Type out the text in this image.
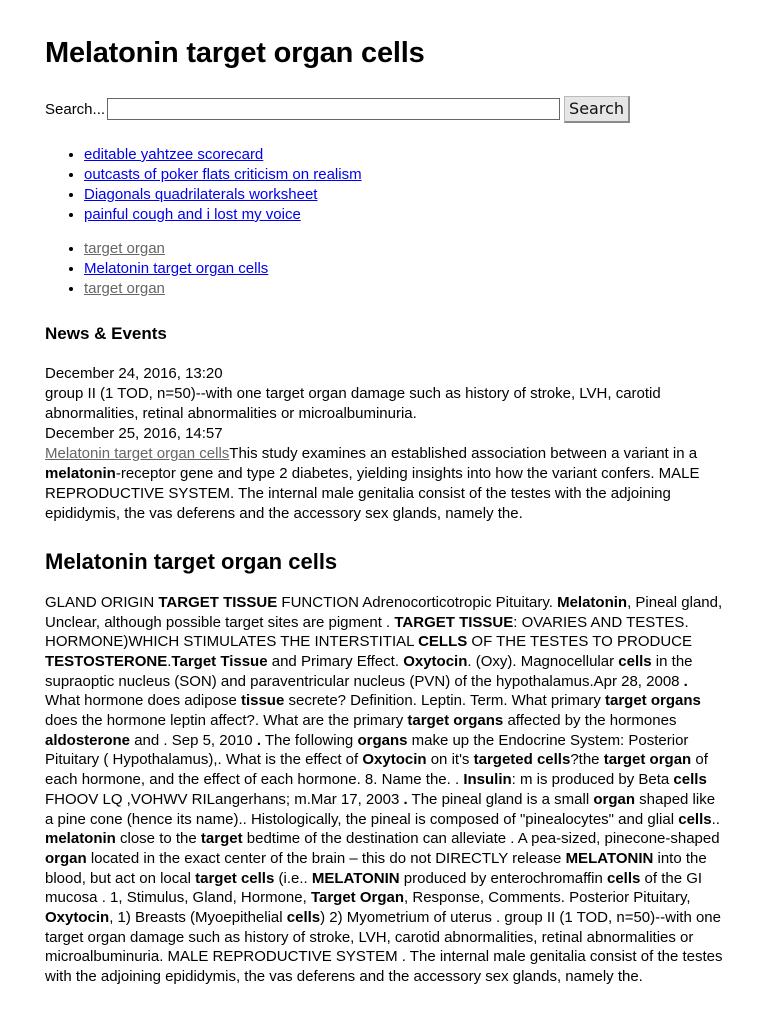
Melatonin target organ cells
Search...	Search
• editable yahtzee scorecard
• outcasts of poker flats criticism on realism
• Diagonals quadrilaterals worksheet
• painful cough and i lost my voice
• target organ
• Melatonin target organ cells
• target organ
News & Events

December 24, 2016, 13:20

group II (1 TOD, n=50)--with one target organ damage such as history of stroke, LVH, carotid abnormalities, retinal abnormalities or microalbuminuria.

December 25, 2016, 14:57

Melatonin target organ cellsThis study examines an established association between a variant in a melatonin-receptor gene and type 2 diabetes, yielding insights into how the variant confers. MALE REPRODUCTIVE SYSTEM. The internal male genitalia consist of the testes with the adjoining epididymis, the vas deferens and the accessory sex glands, namely the.

Melatonin target organ cells

GLAND ORIGIN TARGET TISSUE FUNCTION Adrenocorticotropic Pituitary. Melatonin, Pineal gland, Unclear, although possible target sites are pigment . TARGET TISSUE: OVARIES AND TESTES. HORMONE)WHICH STIMULATES THE INTERSTITIAL CELLS OF THE TESTES TO PRODUCE TESTOSTERONE.Target Tissue and Primary Effect. Oxytocin. (Oxy). Magnocellular cells in the supraoptic nucleus (SON) and paraventricular nucleus (PVN) of the hypothalamus.Apr 28, 2008 . What hormone does adipose tissue secrete? Definition. Leptin. Term. What primary target organs does the hormone leptin affect?. What are the primary target organs affected by the hormones aldosterone and . Sep 5, 2010 . The following organs make up the Endocrine System: Posterior Pituitary ( Hypothalamus),. What is the effect of Oxytocin on it's targeted cells?the target organ of each hormone, and the effect of each hormone. 8. Name the. . Insulin: m is produced by Beta cells FHOOV LQ ,VOHWV RILangerhans; m.Mar 17, 2003 . The pineal gland is a small organ shaped like a pine cone (hence its name).. Histologically, the pineal is composed of "pinealocytes" and glial cells.. melatonin close to the target bedtime of the destination can alleviate . A pea-sized, pinecone-shaped organ located in the exact center of the brain – this do not DIRECTLY release MELATONIN into the blood, but act on local target cells (i.e.. MELATONIN produced by enterochromaffin cells of the GI mucosa . 1, Stimulus, Gland, Hormone, Target Organ, Response, Comments. Posterior Pituitary, Oxytocin, 1) Breasts (Myoepithelial cells) 2) Myometrium of uterus . group II (1 TOD, n=50)--with one target organ damage such as history of stroke, LVH, carotid abnormalities, retinal abnormalities or microalbuminuria. MALE REPRODUCTIVE SYSTEM . The internal male genitalia consist of the testes with the adjoining epididymis, the vas deferens and the accessory sex glands, namely the.
